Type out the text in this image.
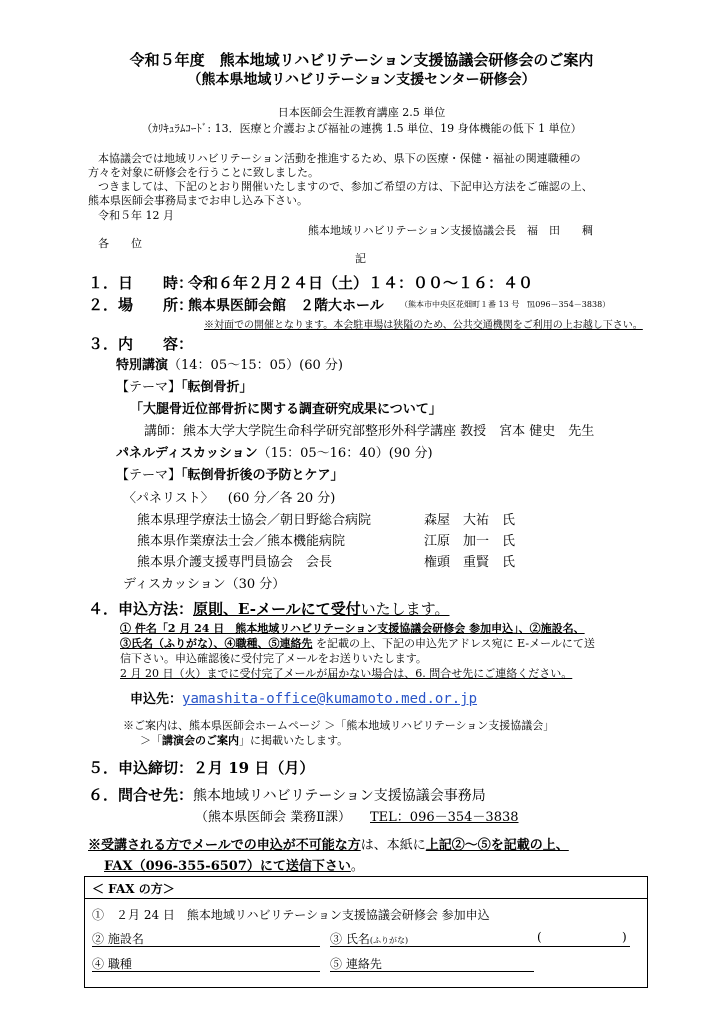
令和５年度　熊本地域リハビリテーション支援協議会研修会のご案内
（熊本県地域リハビリテーション支援センター研修会）
日本医師会生涯教育講座 2.5 単位
（ｶﾘｷｭﾗﾑｺｰﾄﾞ: 13．医療と介護および福祉の連携 1.5 単位、19 身体機能の低下 1 単位）
本協議会では地域リハビリテーション活動を推進するため、県下の医療・保健・福祉の関連職種の
方々を対象に研修会を行うことに致しました。
つきましては、下記のとおり開催いたしますので、参加ご希望の方は、下記申込方法をご確認の上、
熊本県医師会事務局までお申し込み下さい。
令和５年 12 月
熊本地域リハビリテーション支援協議会長　福　田　　稠
各　　位
記
１．日　　時：
令和６年２月２４日（土）１４：００〜１６：４０
２．場　　所：
熊本県医師会館　２階大ホール （熊本市中央区花畑町１番 13 号　℡096－354－3838）
※対面での開催となります。本会駐車場は狭隘のため、公共交通機関をご利用の上お越し下さい。
３．内　　容：
特別講演（14：05〜15：05）(60 分)
【テーマ】「転倒骨折」
「大腿骨近位部骨折に関する調査研究成果について」
講師：熊本大学大学院生命科学研究部整形外科学講座 教授　宮本 健史　先生
パネルディスカッション（15：05〜16：40）(90 分)
【テーマ】「転倒骨折後の予防とケア」
〈パネリスト〉 (60 分／各 20 分)
熊本県理学療法士協会／朝日野総合病院	森屋　大祐　氏
熊本県作業療法士会／熊本機能病院	江原　加一　氏
熊本県介護支援専門員協会　会長	権頭　重賢　氏
ディスカッション（30 分）
４．申込方法：原則、E-メールにて受付いたします。
① 件名「2 月 24 日　熊本地域リハビリテーション支援協議会研修会 参加申込」、②施設名、
③氏名（ふりがな）、④職種、⑤連絡先 を記載の上、下記の申込先アドレス宛に E-メールにて送
信下さい。申込確認後に受付完了メールをお送りいたします。
2 月 20 日（火）までに受付完了メールが届かない場合は、6. 問合せ先にご連絡ください。
申込先：yamashita-office@kumamoto.med.or.jp
※ご案内は、熊本県医師会ホームページ ＞「熊本地域リハビリテーション支援協議会」
＞「講演会のご案内」に掲載いたします。
５．申込締切：２月 19 日（月）
６．問合せ先：熊本地域リハビリテーション支援協議会事務局
（熊本県医師会 業務Ⅱ課） TEL：096－354－3838
※受講される方でメールでの申込が不可能な方は、本紙に上記②〜⑤を記載の上、
FAX（096-355-6507）にて送信下さい。
＜ FAX の方＞
①　２月 24 日　熊本地域リハビリテーション支援協議会研修会 参加申込
② 施設名	③ 氏名(ふりがな)	(	)
④ 職種	⑤ 連絡先
